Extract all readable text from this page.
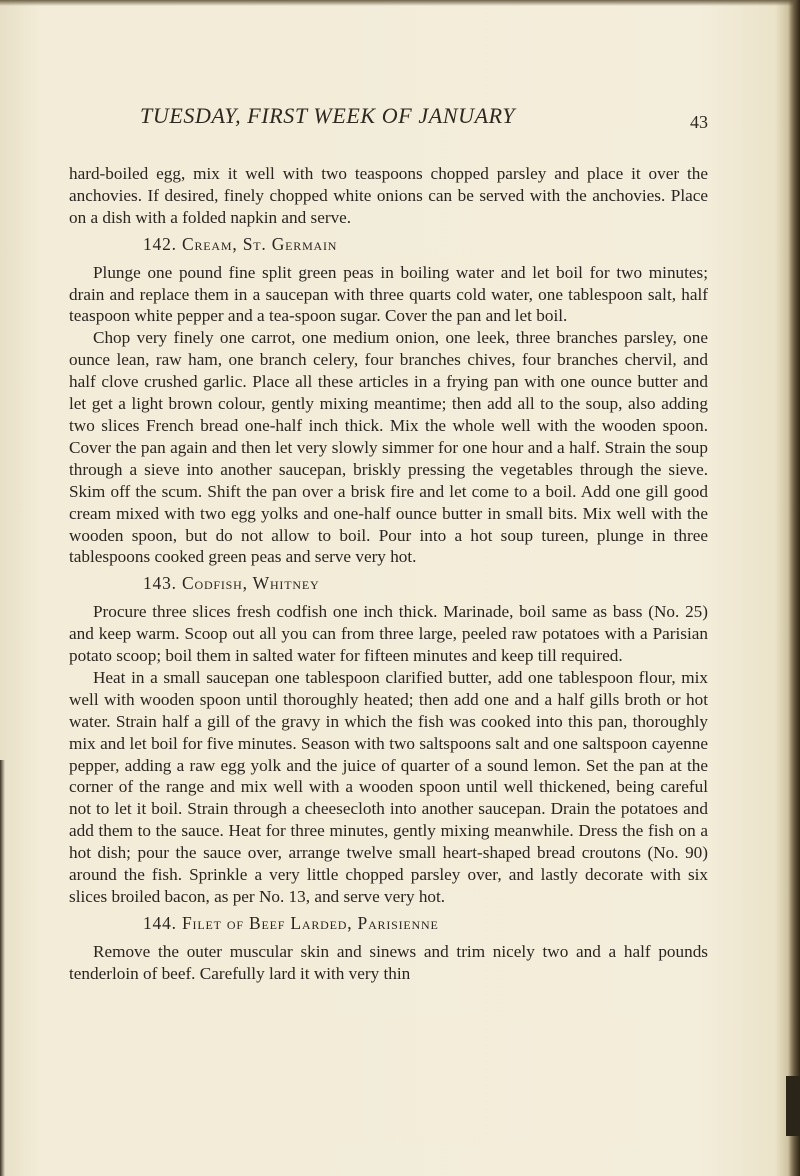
TUESDAY, FIRST WEEK OF JANUARY	43

hard-boiled egg, mix it well with two teaspoons chopped parsley and place it over the anchovies. If desired, finely chopped white onions can be served with the anchovies. Place on a dish with a folded napkin and serve.

142. Cream, St. Germain

Plunge one pound fine split green peas in boiling water and let boil for two minutes; drain and replace them in a saucepan with three quarts cold water, one tablespoon salt, half teaspoon white pepper and a tea-spoon sugar. Cover the pan and let boil.

Chop very finely one carrot, one medium onion, one leek, three branches parsley, one ounce lean, raw ham, one branch celery, four branches chives, four branches chervil, and half clove crushed garlic. Place all these articles in a frying pan with one ounce butter and let get a light brown colour, gently mixing meantime; then add all to the soup, also adding two slices French bread one-half inch thick. Mix the whole well with the wooden spoon. Cover the pan again and then let very slowly simmer for one hour and a half. Strain the soup through a sieve into another saucepan, briskly pressing the vegetables through the sieve. Skim off the scum. Shift the pan over a brisk fire and let come to a boil. Add one gill good cream mixed with two egg yolks and one-half ounce butter in small bits. Mix well with the wooden spoon, but do not allow to boil. Pour into a hot soup tureen, plunge in three tablespoons cooked green peas and serve very hot.

143. Codfish, Whitney

Procure three slices fresh codfish one inch thick. Marinade, boil same as bass (No. 25) and keep warm. Scoop out all you can from three large, peeled raw potatoes with a Parisian potato scoop; boil them in salted water for fifteen minutes and keep till required.

Heat in a small saucepan one tablespoon clarified butter, add one tablespoon flour, mix well with wooden spoon until thoroughly heated; then add one and a half gills broth or hot water. Strain half a gill of the gravy in which the fish was cooked into this pan, thoroughly mix and let boil for five minutes. Season with two saltspoons salt and one saltspoon cayenne pepper, adding a raw egg yolk and the juice of quarter of a sound lemon. Set the pan at the corner of the range and mix well with a wooden spoon until well thickened, being careful not to let it boil. Strain through a cheesecloth into another saucepan. Drain the potatoes and add them to the sauce. Heat for three minutes, gently mixing meanwhile. Dress the fish on a hot dish; pour the sauce over, arrange twelve small heart-shaped bread croutons (No. 90) around the fish. Sprinkle a very little chopped parsley over, and lastly decorate with six slices broiled bacon, as per No. 13, and serve very hot.

144. Filet of Beef Larded, Parisienne

Remove the outer muscular skin and sinews and trim nicely two and a half pounds tenderloin of beef. Carefully lard it with very thin
